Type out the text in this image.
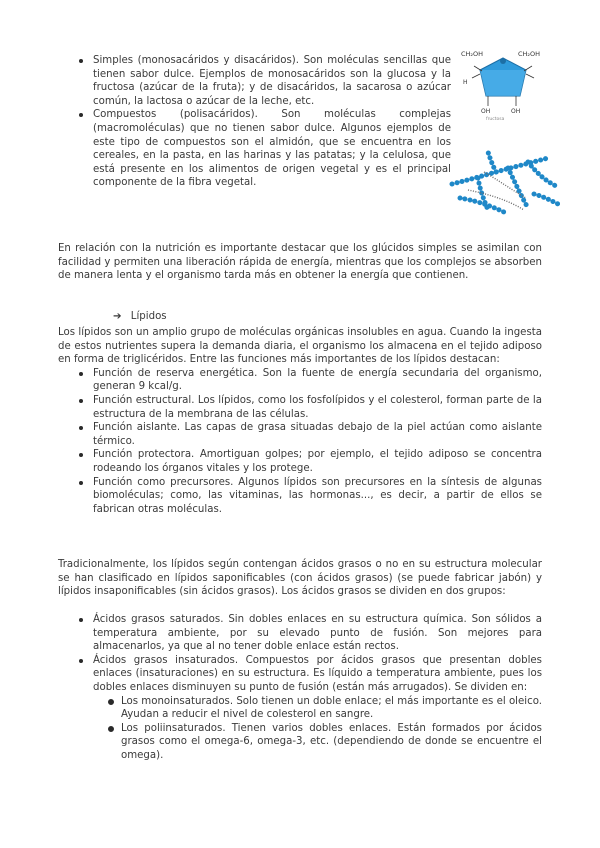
Simples (monosacáridos y disacáridos). Son moléculas sencillas que tienen sabor dulce. Ejemplos de monosacáridos son la glucosa y la fructosa (azúcar de la fruta); y de disacáridos, la sacarosa o azúcar común, la lactosa o azúcar de la leche, etc.
Compuestos (polisacáridos). Son moléculas complejas (macromoléculas) que no tienen sabor dulce. Algunos ejemplos de este tipo de compuestos son el almidón, que se encuentra en los cereales, en la pasta, en las harinas y las patatas; y la celulosa, que está presente en los alimentos de origen vegetal y es el principal componente de la fibra vegetal.
CH₂OH	CH₂OH
OH
H
OH
fructosa

En relación con la nutrición es importante destacar que los glúcidos simples se asimilan con facilidad y permiten una liberación rápida de energía, mientras que los complejos se absorben de manera lenta y el organismo tarda más en obtener la energía que contienen.

➔ Lípidos

Los lípidos son un amplio grupo de moléculas orgánicas insolubles en agua. Cuando la ingesta de estos nutrientes supera la demanda diaria, el organismo los almacena en el tejido adiposo en forma de triglicéridos. Entre las funciones más importantes de los lípidos destacan:

Función de reserva energética. Son la fuente de energía secundaria del organismo, generan 9 kcal/g.
Función estructural. Los lípidos, como los fosfolípidos y el colesterol, forman parte de la estructura de la membrana de las células.
Función aislante. Las capas de grasa situadas debajo de la piel actúan como aislante térmico.
Función protectora. Amortiguan golpes; por ejemplo, el tejido adiposo se concentra rodeando los órganos vitales y los protege.
Función como precursores. Algunos lípidos son precursores en la síntesis de algunas biomoléculas; como, las vitaminas, las hormonas..., es decir, a partir de ellos se fabrican otras moléculas.

Tradicionalmente, los lípidos según contengan ácidos grasos o no en su estructura molecular se han clasificado en lípidos saponificables (con ácidos grasos) (se puede fabricar jabón) y lípidos insaponificables (sin ácidos grasos). Los ácidos grasos se dividen en dos grupos:

Ácidos grasos saturados. Sin dobles enlaces en su estructura química. Son sólidos a temperatura ambiente, por su elevado punto de fusión. Son mejores para almacenarlos, ya que al no tener doble enlace están rectos.
Ácidos grasos insaturados. Compuestos por ácidos grasos que presentan dobles enlaces (insaturaciones) en su estructura. Es líquido a temperatura ambiente, pues los dobles enlaces disminuyen su punto de fusión (están más arrugados). Se dividen en:
Los monoinsaturados. Solo tienen un doble enlace; el más importante es el oleico. Ayudan a reducir el nivel de colesterol en sangre.
Los poliinsaturados. Tienen varios dobles enlaces. Están formados por ácidos grasos como el omega-6, omega-3, etc. (dependiendo de donde se encuentre el omega).
